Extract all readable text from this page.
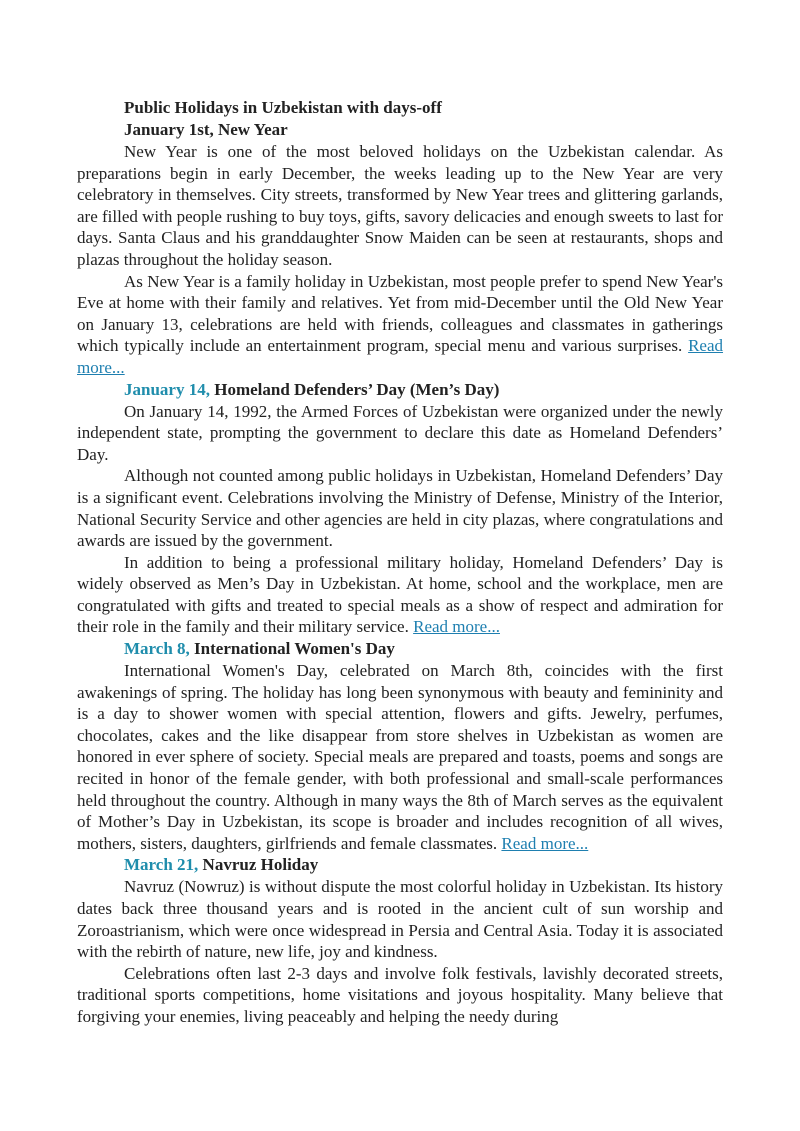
Public Holidays in Uzbekistan with days-off

January 1st, New Year

New Year is one of the most beloved holidays on the Uzbekistan calendar. As preparations begin in early December, the weeks leading up to the New Year are very celebratory in themselves. City streets, transformed by New Year trees and glittering garlands, are filled with people rushing to buy toys, gifts, savory delicacies and enough sweets to last for days. Santa Claus and his granddaughter Snow Maiden can be seen at restaurants, shops and plazas throughout the holiday season.

As New Year is a family holiday in Uzbekistan, most people prefer to spend New Year's Eve at home with their family and relatives. Yet from mid-December until the Old New Year on January 13, celebrations are held with friends, colleagues and classmates in gatherings which typically include an entertainment program, special menu and various surprises. Read more...

January 14, Homeland Defenders’ Day (Men’s Day)

On January 14, 1992, the Armed Forces of Uzbekistan were organized under the newly independent state, prompting the government to declare this date as Homeland Defenders’ Day.

Although not counted among public holidays in Uzbekistan, Homeland Defenders’ Day is a significant event. Celebrations involving the Ministry of Defense, Ministry of the Interior, National Security Service and other agencies are held in city plazas, where congratulations and awards are issued by the government.

In addition to being a professional military holiday, Homeland Defenders’ Day is widely observed as Men’s Day in Uzbekistan. At home, school and the workplace, men are congratulated with gifts and treated to special meals as a show of respect and admiration for their role in the family and their military service. Read more...

March 8, International Women's Day

International Women's Day, celebrated on March 8th, coincides with the first awakenings of spring. The holiday has long been synonymous with beauty and femininity and is a day to shower women with special attention, flowers and gifts. Jewelry, perfumes, chocolates, cakes and the like disappear from store shelves in Uzbekistan as women are honored in ever sphere of society. Special meals are prepared and toasts, poems and songs are recited in honor of the female gender, with both professional and small-scale performances held throughout the country. Although in many ways the 8th of March serves as the equivalent of Mother’s Day in Uzbekistan, its scope is broader and includes recognition of all wives, mothers, sisters, daughters, girlfriends and female classmates. Read more...

March 21, Navruz Holiday

Navruz (Nowruz) is without dispute the most colorful holiday in Uzbekistan. Its history dates back three thousand years and is rooted in the ancient cult of sun worship and Zoroastrianism, which were once widespread in Persia and Central Asia. Today it is associated with the rebirth of nature, new life, joy and kindness.

Celebrations often last 2-3 days and involve folk festivals, lavishly decorated streets, traditional sports competitions, home visitations and joyous hospitality. Many believe that forgiving your enemies, living peaceably and helping the needy during
